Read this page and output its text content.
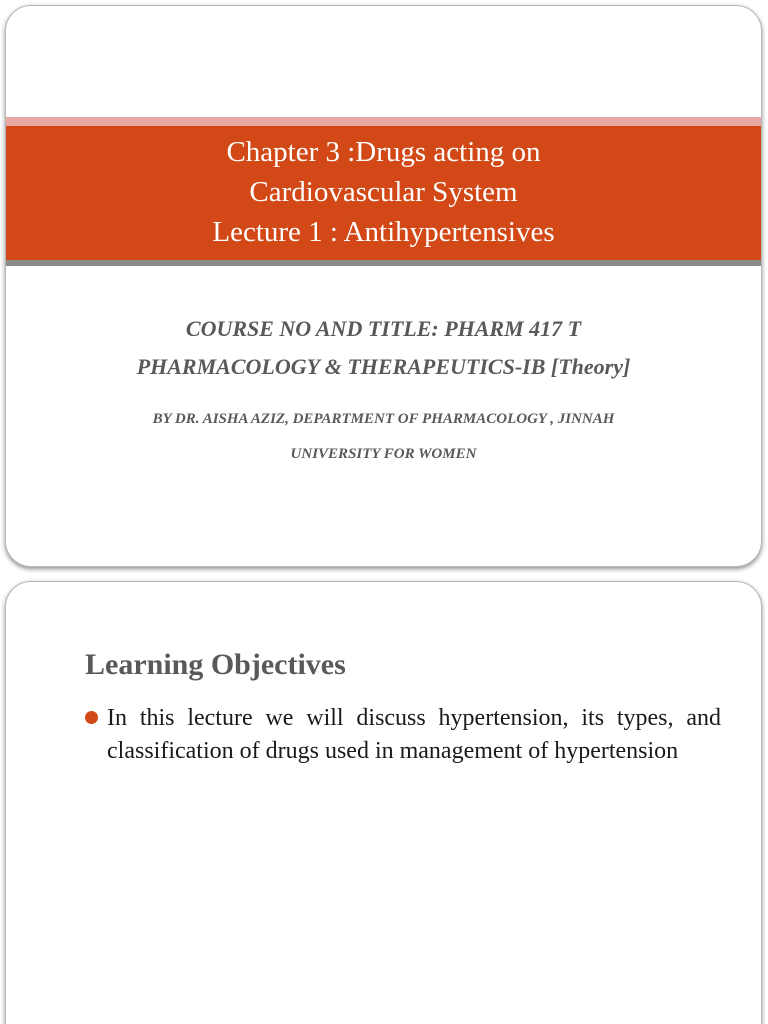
Chapter 3 :Drugs acting on
Cardiovascular System
Lecture 1 : Antihypertensives
COURSE NO AND TITLE: PHARM 417 T
PHARMACOLOGY & THERAPEUTICS-IB [Theory]
BY DR. AISHA AZIZ, DEPARTMENT OF PHARMACOLOGY , JINNAH
UNIVERSITY FOR WOMEN
Learning Objectives
In this lecture we will discuss hypertension, its types, and classification of drugs used in management of hypertension
